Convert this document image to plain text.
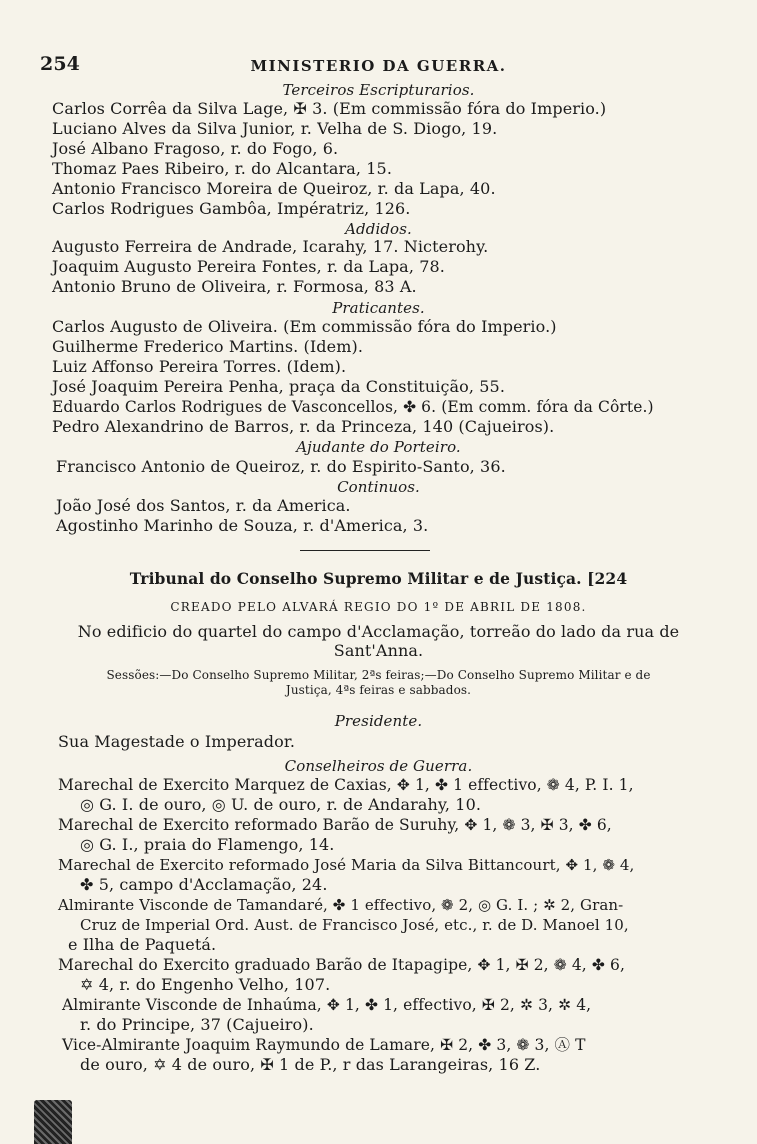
254	MINISTERIO DA GUERRA.
Terceiros Escripturarios.
Carlos Corrêa da Silva Lage, ✠ 3. (Em commissão fóra do Imperio.)
Luciano Alves da Silva Junior, r. Velha de S. Diogo, 19.
José Albano Fragoso, r. do Fogo, 6.
Thomaz Paes Ribeiro, r. do Alcantara, 15.
Antonio Francisco Moreira de Queiroz, r. da Lapa, 40.
Carlos Rodrigues Gambôa, Impératriz, 126.
Addidos.
Augusto Ferreira de Andrade, Icarahy, 17. Nicterohy.
Joaquim Augusto Pereira Fontes, r. da Lapa, 78.
Antonio Bruno de Oliveira, r. Formosa, 83 A.
Praticantes.
Carlos Augusto de Oliveira. (Em commissão fóra do Imperio.)
Guilherme Frederico Martins. (Idem).
Luiz Affonso Pereira Torres. (Idem).
José Joaquim Pereira Penha, praça da Constituição, 55.
Eduardo Carlos Rodrigues de Vasconcellos, ✤ 6. (Em comm. fóra da Côrte.)
Pedro Alexandrino de Barros, r. da Princeza, 140 (Cajueiros).
Ajudante do Porteiro.
Francisco Antonio de Queiroz, r. do Espirito-Santo, 36.
Continuos.
João José dos Santos, r. da America.
Agostinho Marinho de Souza, r. d'America, 3.
Tribunal do Conselho Supremo Militar e de Justiça. [224
CREADO PELO ALVARÁ REGIO DO 1º DE ABRIL DE 1808.
No edificio do quartel do campo d'Acclamação, torreão do lado da rua de
Sant'Anna.
Sessões:—Do Conselho Supremo Militar, 2ªs feiras;—Do Conselho Supremo Militar e de
Justiça, 4ªs feiras e sabbados.
Presidente.
Sua Magestade o Imperador.
Conselheiros de Guerra.
Marechal de Exercito Marquez de Caxias, ✥ 1, ✤ 1 effectivo, ❁ 4, P. I. 1,
◎ G. I. de ouro, ◎ U. de ouro, r. de Andarahy, 10.
Marechal de Exercito reformado Barão de Suruhy, ✥ 1, ❁ 3, ✠ 3, ✤ 6,
◎ G. I., praia do Flamengo, 14.
Marechal de Exercito reformado José Maria da Silva Bittancourt, ✥ 1, ❁ 4,
✤ 5, campo d'Acclamação, 24.
Almirante Visconde de Tamandaré, ✤ 1 effectivo, ❁ 2, ◎ G. I. ; ✲ 2, Gran-
Cruz de Imperial Ord. Aust. de Francisco José, etc., r. de D. Manoel 10,
e Ilha de Paquetá.
Marechal do Exercito graduado Barão de Itapagipe, ✥ 1, ✠ 2, ❁ 4, ✤ 6,
✡ 4, r. do Engenho Velho, 107.
Almirante Visconde de Inhaúma, ✥ 1, ✤ 1, effectivo, ✠ 2, ✲ 3, ✲ 4,
r. do Principe, 37 (Cajueiro).
Vice-Almirante Joaquim Raymundo de Lamare, ✠ 2, ✤ 3, ❁ 3, Ⓐ T
de ouro, ✡ 4 de ouro, ✠ 1 de P., r das Larangeiras, 16 Z.
